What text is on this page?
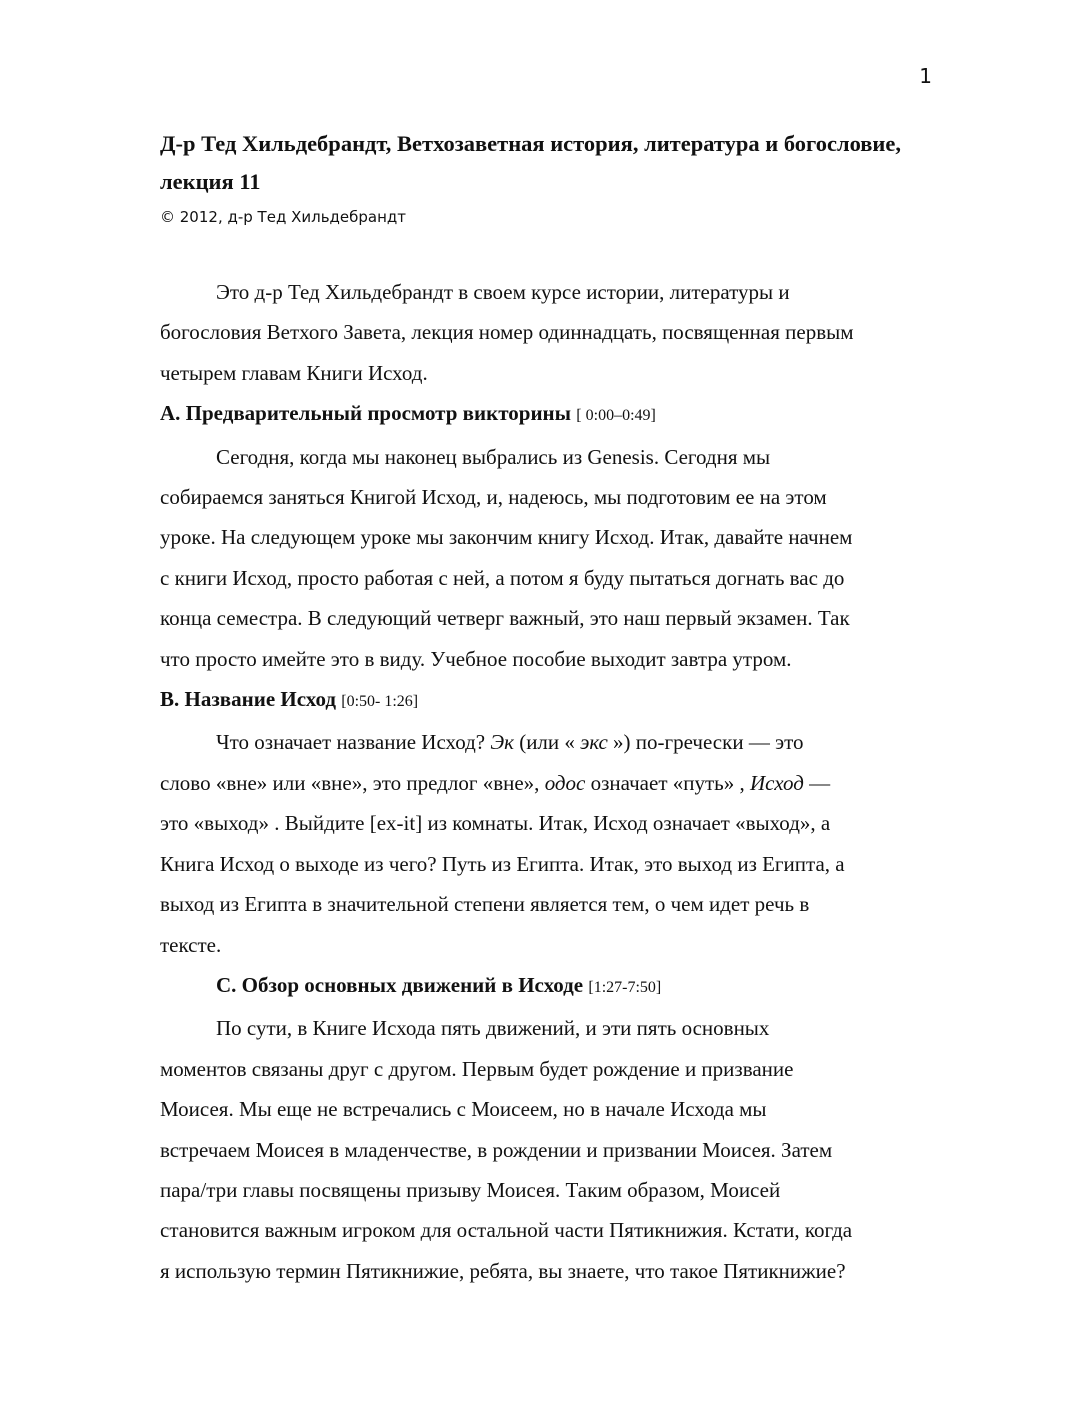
1
Д-р Тед Хильдебрандт, Ветхозаветная история, литература и богословие,
лекция 11
© 2012, д-р Тед Хильдебрандт
Это д-р Тед Хильдебрандт в своем курсе истории, литературы и
богословия Ветхого Завета, лекция номер одиннадцать, посвященная первым
четырем главам Книги Исход.
А. Предварительный просмотр викторины [ 0:00–0:49]
Сегодня, когда мы наконец выбрались из Genesis. Сегодня мы
собираемся заняться Книгой Исход, и, надеюсь, мы подготовим ее на этом
уроке. На следующем уроке мы закончим книгу Исход. Итак, давайте начнем
с книги Исход, просто работая с ней, а потом я буду пытаться догнать вас до
конца семестра. В следующий четверг важный, это наш первый экзамен. Так
что просто имейте это в виду. Учебное пособие выходит завтра утром.
B. Название Исход [0:50- 1:26]
Что означает название Исход? Эк (или « экс ») по-гречески — это
слово «вне» или «вне», это предлог «вне», одос означает «путь» , Исход —
это «выход» . Выйдите [ex-it] из комнаты. Итак, Исход означает «выход», а
Книга Исход о выходе из чего? Путь из Египта. Итак, это выход из Египта, а
выход из Египта в значительной степени является тем, о чем идет речь в
тексте.
C. Обзор основных движений в Исходе [1:27-7:50]
По сути, в Книге Исхода пять движений, и эти пять основных
моментов связаны друг с другом. Первым будет рождение и призвание
Моисея. Мы еще не встречались с Моисеем, но в начале Исхода мы
встречаем Моисея в младенчестве, в рождении и призвании Моисея. Затем
пара/три главы посвящены призыву Моисея. Таким образом, Моисей
становится важным игроком для остальной части Пятикнижия. Кстати, когда
я использую термин Пятикнижие, ребята, вы знаете, что такое Пятикнижие?
